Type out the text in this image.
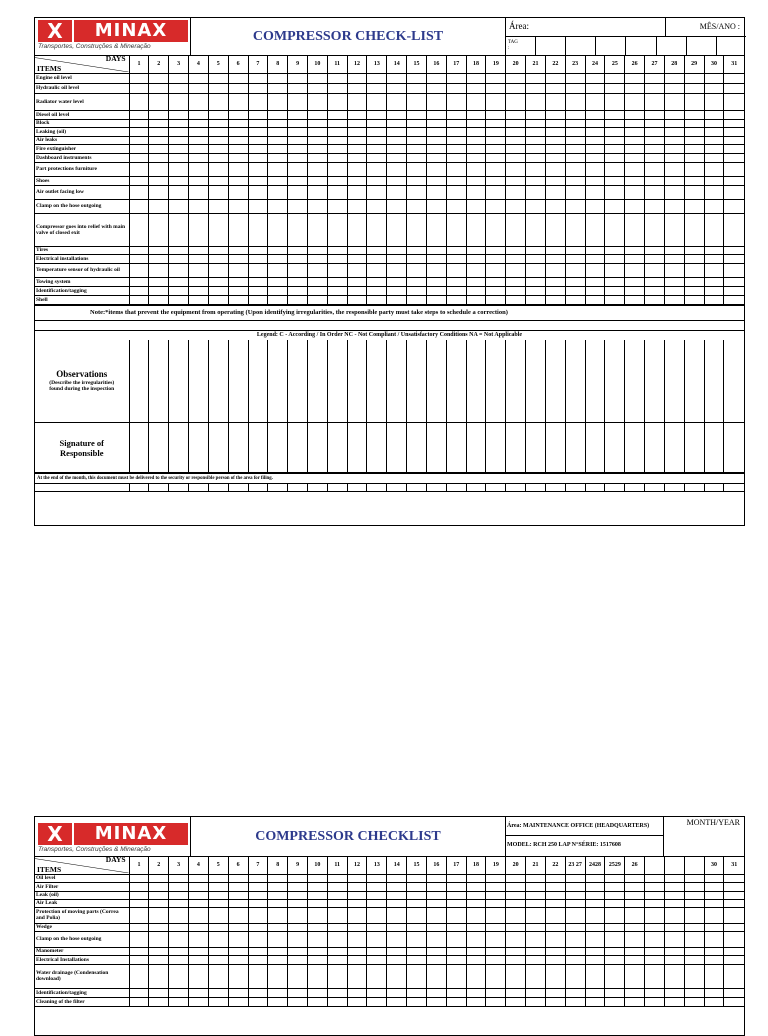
X	MINAX
Transportes, Construções & Mineração
COMPRESSOR CHECK-LIST
Área:	MÊS/ANO :
TAG :
ITEMS
DAYS	1	2	3	4	5	6	7	8	9	10	11	12	13	14	15	16	17	18	19	20	21	22	23	24	25	26	27	28	29	30	31
Engine oil level																															
Hydraulic oil level																															
Radiator water level																															
Diesel oil level																															
Block																															
Leaking (oil)																															
Air leaks																															
Fire extinguisher																															
Dashboard instruments																															
Part protections furniture																															
Shoes																															
Air outlet facing low																															
Clamp on the hose outgoing																															
Compressor goes into relief with main valve of closed exit																															
Tires																															
Electrical installations																															
Temperature sensor of hydraulic oil																															
Towing system																															
Identification/tagging																															
Shell																															
Note:*items that prevent the equipment from operating (Upon identifying irregularities, the responsible party must take steps to schedule a correction)
Legend: C - According / In Order NC - Not Compliant / Unsatisfactory Conditions NA = Not Applicable
Observations
(Describe the irregularities) found during the inspection																															

Signature of Responsible																															
At the end of the month, this document must be delivered to the security or responsible person of the area for filing.

X	MINAX
Transportes, Construções & Mineração
COMPRESSOR CHECKLIST
Área: MAINTENANCE OFFICE (HEADQUARTERS)	MONTH/YEAR
MODEL: RCH 250 LAP N°SÉRIE: 1517608
ITEMS
DAYS	1	2	3	4	5	6	7	8	9	10	11	12	13	14	15	16	17	18	19	20	21	22	23 27	2428	2529	26				30	31
Oil level																															
Air Filter																															
Leak (oil)																															
Air Leak																															
Protection of moving parts (Correa and Polia)																															
Wedge																															
Clamp on the hose outgoing																															
Manometer																															
Electrical Installations																															
Water drainage (Condensation download)																															
Identification/tagging																															
Cleaning of the filter																															
